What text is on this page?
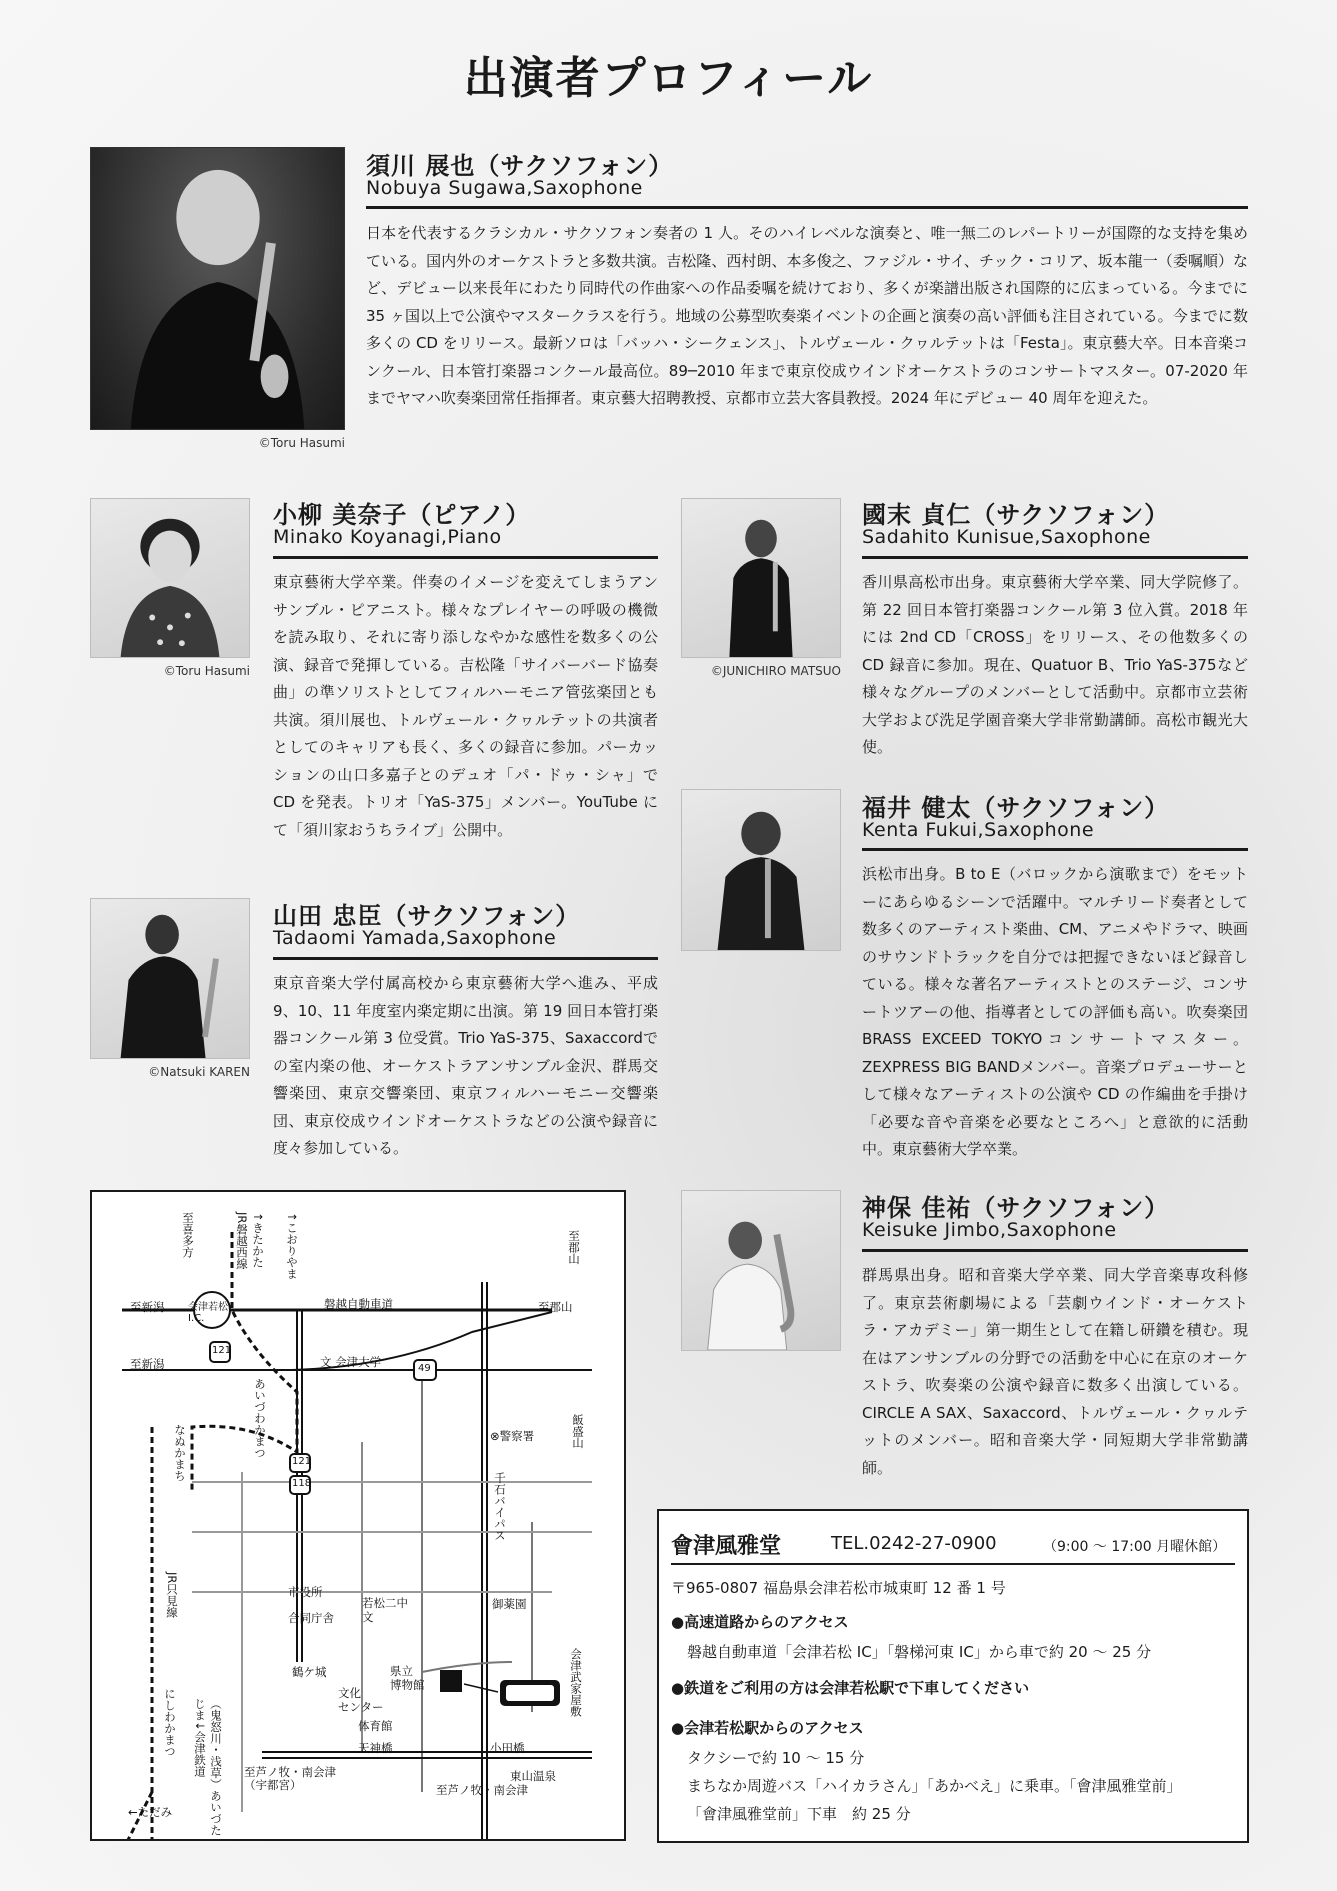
出演者プロフィール
©Toru Hasumi
須川 展也（サクソフォン）
Nobuya Sugawa,Saxophone
日本を代表するクラシカル・サクソフォン奏者の 1 人。そのハイレベルな演奏と、唯一無二のレパートリーが国際的な支持を集めている。国内外のオーケストラと多数共演。吉松隆、西村朗、本多俊之、ファジル・サイ、チック・コリア、坂本龍一（委嘱順）など、デビュー以来長年にわたり同時代の作曲家への作品委嘱を続けており、多くが楽譜出版され国際的に広まっている。今までに 35 ヶ国以上で公演やマスタークラスを行う。地域の公募型吹奏楽イベントの企画と演奏の高い評価も注目されている。今までに数多くの CD をリリース。最新ソロは「バッハ・シークェンス」、トルヴェール・クヮルテットは「Festa」。東京藝大卒。日本音楽コンクール、日本管打楽器コンクール最高位。89─2010 年まで東京佼成ウインドオーケストラのコンサートマスター。07-2020 年までヤマハ吹奏楽団常任指揮者。東京藝大招聘教授、京都市立芸大客員教授。2024 年にデビュー 40 周年を迎えた。
©Toru Hasumi
小柳 美奈子（ピアノ）
Minako Koyanagi,Piano
東京藝術大学卒業。伴奏のイメージを変えてしまうアンサンブル・ピアニスト。様々なプレイヤーの呼吸の機微を読み取り、それに寄り添しなやかな感性を数多くの公演、録音で発揮している。吉松隆「サイバーバード協奏曲」の準ソリストとしてフィルハーモニア管弦楽団とも共演。須川展也、トルヴェール・クヮルテットの共演者としてのキャリアも長く、多くの録音に参加。パーカッションの山口多嘉子とのデュオ「パ・ドゥ・シャ」で CD を発表。トリオ「YaS-375」メンバー。YouTube にて「須川家おうちライブ」公開中。
©JUNICHIRO MATSUO
國末 貞仁（サクソフォン）
Sadahito Kunisue,Saxophone
香川県高松市出身。東京藝術大学卒業、同大学院修了。第 22 回日本管打楽器コンクール第 3 位入賞。2018 年には 2nd CD「CROSS」をリリース、その他数多くの CD 録音に参加。現在、Quatuor B、Trio YaS-375など様々なグループのメンバーとして活動中。京都市立芸術大学および洗足学園音楽大学非常勤講師。高松市観光大使。
福井 健太（サクソフォン）
Kenta Fukui,Saxophone
浜松市出身。B to E（バロックから演歌まで）をモットーにあらゆるシーンで活躍中。マルチリード奏者として数多くのアーティスト楽曲、CM、アニメやドラマ、映画のサウンドトラックを自分では把握できないほど録音している。様々な著名アーティストとのステージ、コンサートツアーの他、指導者としての評価も高い。吹奏楽団 BRASS EXCEED TOKYOコンサートマスター。ZEXPRESS BIG BANDメンバー。音楽プロデューサーとして様々なアーティストの公演や CD の作編曲を手掛け「必要な音や音楽を必要なところへ」と意欲的に活動中。東京藝術大学卒業。
©Natsuki KAREN
山田 忠臣（サクソフォン）
Tadaomi Yamada,Saxophone
東京音楽大学付属高校から東京藝術大学へ進み、平成 9、10、11 年度室内楽定期に出演。第 19 回日本管打楽器コンクール第 3 位受賞。Trio YaS-375、Saxaccordでの室内楽の他、オーケストラアンサンブル金沢、群馬交響楽団、東京交響楽団、東京フィルハーモニー交響楽団、東京佼成ウインドオーケストラなどの公演や録音に度々参加している。
神保 佳祐（サクソフォン）
Keisuke Jimbo,Saxophone
群馬県出身。昭和音楽大学卒業、同大学音楽専攻科修了。東京芸術劇場による「芸劇ウインド・オーケストラ・アカデミー」第一期生として在籍し研鑽を積む。現在はアンサンブルの分野での活動を中心に在京のオーケストラ、吹奏楽の公演や録音に数多く出演している。CIRCLE A SAX、Saxaccord、トルヴェール・クヮルテットのメンバー。昭和音楽大学・同短期大学非常勤講師。
至新潟
至新潟
至郡山
会津若松
I.C.
磐越自動車道
文 会津大学
121
49
121
118
⊗警察署
市役所
合同庁舎
若松二中
文
御薬園
鶴ケ城	県立
博物館
文化
センター
体育館
天神橋	小田橋
東山温泉
至芦ノ牧・南会津
（宇都宮）	至芦ノ牧・南会津
←ただみ
至喜多方	↑きたかた
JR磐越西線	↑こおりやま	至郡山
あいづわかまつ
なぬかまち
JR只見線
にしわかまつ	（鬼怒川・浅草）あいづたじま↓会津鉄道
千石バイパス
飯盛山
会津武家屋敷
會津風雅堂	TEL.0242-27-0900	（9:00 ～ 17:00 月曜休館）
〒965-0807 福島県会津若松市城東町 12 番 1 号
●高速道路からのアクセス
磐越自動車道「会津若松 IC」「磐梯河東 IC」から車で約 20 ～ 25 分
●鉄道をご利用の方は会津若松駅で下車してください
●会津若松駅からのアクセス
タクシーで約 10 ～ 15 分
まちなか周遊バス「ハイカラさん」「あかべえ」に乗車。「會津風雅堂前」
「會津風雅堂前」下車　約 25 分
